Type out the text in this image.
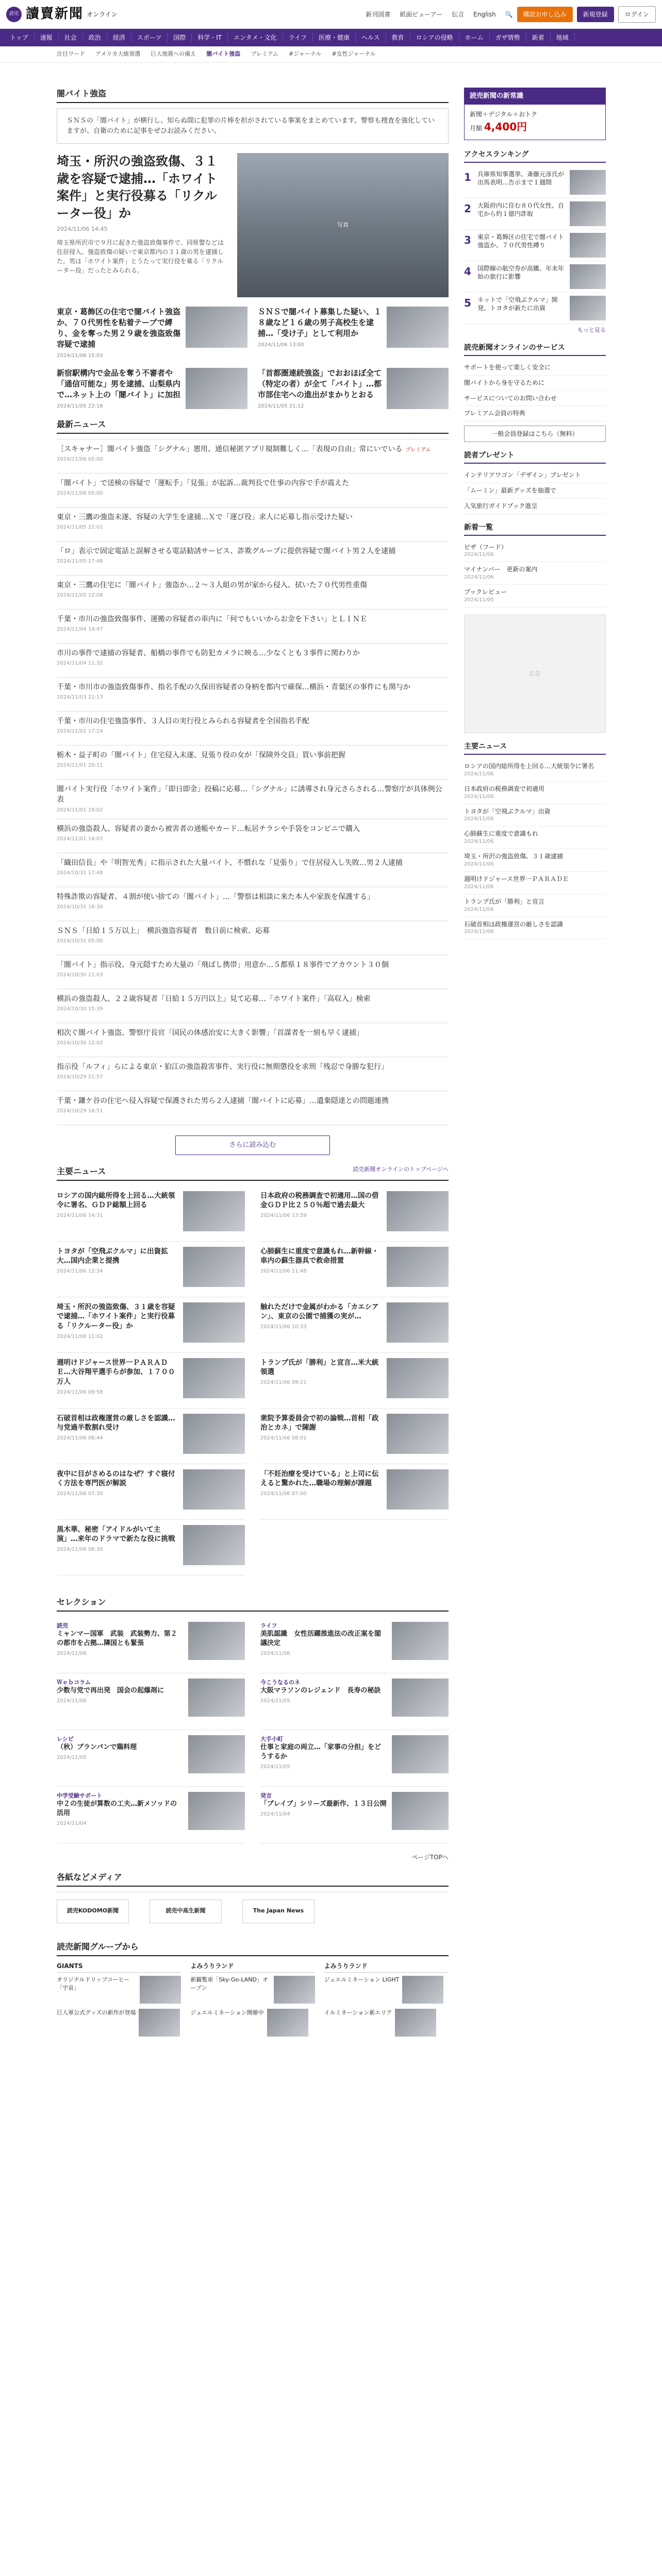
読売 讀賣新聞 オンライン	新刊図書 紙面ビューアー 伝言 English 🔍	購読お申し込み	新規登録	ログイン
トップ	速報	社会	政治	経済	スポーツ	国際	科学・IT	エンタメ・文化	ライフ	医療・健康	ヘルス	教育	ロシアの侵略	ホーム	ガザ情勢	新着	地域
注目ワード アメリカ大統領選 巨大地震への備え 闇バイト強盗 プレミアム #ジャーナル #女性ジャーナル
闇バイト強盗
ＳＮＳの「闇バイト」が横行し、知らぬ間に犯罪の片棒を担がされている事案をまとめています。警察も捜査を強化していますが、自衛のために記事をぜひお読みください。
埼玉・所沢の強盗致傷、３１歳を容疑で逮捕…「ホワイト案件」と実行役募る「リクルーター役」か
2024/11/06 14:45
埼玉県所沢市で９月に起きた強盗致傷事件で、同県警などは住居侵入、強盗致傷の疑いで東京都内の３１歳の男を逮捕した。男は「ホワイト案件」とうたって実行役を募る「リクルーター役」だったとみられる。
写真
東京・葛飾区の住宅で闇バイト強盗か、７０代男性を粘着テープで縛り、金を奪った男２９歳を強盗致傷容疑で逮捕
2024/11/06 15:03
ＳＮＳで闇バイト募集した疑い、１８歳など１６歳の男子高校生を逮捕…「受け子」として利用か
2024/11/06 13:00
新宿駅構内で金品を奪う不審者や「通信可能な」男を逮捕、山梨県内で…ネット上の「闇バイト」に加担
2024/11/05 22:16
「首都圏連続強盗」でおおほぼ全て（特定の者）が全て「バイト」…都市部住宅への進出がまかりとおる
2024/11/05 21:12
最新ニュース
［スキャナー］闇バイト強盗「シグナル」悪用、通信秘匿アプリ規制難しく…「表現の自由」常にいでいる プレミアム
2024/11/06 05:00
「闇バイト」で送検の容疑で「運転手」「見張」が起訴…裁判長で仕事の内容で手が震えた
2024/11/06 05:00
東京・三鷹の強盗未遂、容疑の大学生を逮捕…Ｘで「運び役」求人に応募し指示受けた疑い
2024/11/05 22:01
「ロ」表示で固定電話と誤解させる電話勧誘サービス、詐欺グループに提供容疑で闇バイト男２人を逮捕
2024/11/05 17:48
東京・三鷹の住宅に「闇バイト」強盗か…２〜３人組の男が家から侵入、拭いた７０代男性重傷
2024/11/05 12:08
千葉・市川の強盗致傷事件、運搬の容疑者の車内に「何でもいいからお金を下さい」とＬＩＮＥ
2024/11/04 14:47
市川の事件で逮捕の容疑者、船橋の事件でも防犯カメラに映る…少なくとも３事件に関わりか
2024/11/04 11:32
千葉・市川市の強盗致傷事件、指名手配の久保田容疑者の身柄を都内で確保…横浜・青葉区の事件にも関与か
2024/11/03 21:13
千葉・市川の住宅強盗事件、３人目の実行役とみられる容疑者を全国指名手配
2024/11/02 17:24
栃木・益子町の「闇バイト」住宅侵入未遂、見張り役の女が「保険外交員」買い事前把握
2024/11/01 20:11
闇バイト実行役「ホワイト案件」「即日即金」投稿に応募…「シグナル」に誘導され身元さらされる…警察庁が具体例公表
2024/11/01 19:02
横浜の強盗殺人、容疑者の妻から被害者の通帳やカード…転居チラシや手袋をコンビニで購入
2024/11/01 14:07
「織田信長」や「明智光秀」に指示された大量バイト、不慣れな「見張り」で住居侵入し失敗…男２人逮捕
2024/10/31 17:48
特殊詐欺の容疑者、４割が使い捨ての「闇バイト」…「警察は相談に来た本人や家族を保護する」
2024/10/31 16:30
ＳＮＳ「日給１５万以上」　横浜強盗容疑者　数日前に検索、応募
2024/10/31 05:00
「闇バイト」指示役、身元隠すため大量の「飛ばし携帯」用意か…５都県１８事件でアカウント３０個
2024/10/30 21:03
横浜の強盗殺人、２２歳容疑者「日給１５万円以上」見て応募…「ホワイト案件」「高収入」検索
2024/10/30 15:39
相次ぐ闇バイト強盗、警察庁長官「国民の体感治安に大きく影響」「首謀者を一刻も早く逮捕」
2024/10/30 12:02
指示役「ルフィ」らによる東京・狛江の強盗殺害事件、実行役に無期懲役を求刑「残忍で身勝な犯行」
2024/10/29 21:57
千葉・鎌ケ谷の住宅へ侵入容疑で保護された男ら２人逮捕「闇バイトに応募」…遺棄隠達との問題連携
2024/10/29 18:51
さらに読み込む
主要ニュース	読売新聞オンラインのトップページへ
ロシアの国内総所得を上回る…大統領令に署名、ＧＤＰ総額上回る
2024/11/06 14:31
日本政府の税務調査で初適用…国の借金ＧＤＰ比２５０％超で過去最大
2024/11/06 13:59
トヨタが「空飛ぶクルマ」に出資拡大…国内企業と提携
2024/11/06 12:34
心肺蘇生に重度で意識もれ…新幹線・車内の蘇生器具で救命措置
2024/11/06 11:48
埼玉・所沢の強盗致傷、３１歳を容疑で逮捕…「ホワイト案件」と実行役募る「リクルーター役」か
2024/11/06 11:02
触れただけで金属がわかる「カエシアン」、東京の公園で捕獲の実が…
2024/11/06 10:33
週明けドジャース世界一ＰＡＲＡＤＥ…大谷翔平選手らが参加、１７００万人
2024/11/06 09:58
トランプ氏が「勝利」と宣言…米大統領選
2024/11/06 09:21
石破首相は政権運営の厳しさを認識…与党過半数割れ受け
2024/11/06 08:44
衆院予算委員会で初の論戦…首相「政治とカネ」で陳謝
2024/11/06 08:01
夜中に目がさめるのはなぜ？すぐ寝付く方法を専門医が解説
2024/11/06 07:30
「不妊治療を受けている」と上司に伝えると驚かれた…職場の理解が課題
2024/11/06 07:00
黒木華、秘密「アイドルがいて主演」…来年のドラマで新たな役に挑戦
2024/11/06 06:30
セレクション
読売
ミャンマー国軍　武装　武装勢力、第２の都市を占拠…隣国とも緊張
2024/11/06
ライフ
美肌認識　女性活躍推進法の改正案を閣議決定
2024/11/06
Ｗｅｂコラム
少数与党で再出発　国会の起爆剤に
2024/11/06
今こうなるのネ
大阪マラソンのレジェンド　長寿の秘訣
2024/11/05
レシピ
（秋）ブランパンで鶏料理
2024/11/05
大手小町
仕事と家庭の両立…「家事の分担」をどうするか
2024/11/05
中学受験サポート
中２の生徒が算数の工夫…新メソッドの活用
2024/11/04
発言
「ブレイブ」シリーズ最新作、１３日公開
2024/11/04
ページTOPへ
各紙などメディア
読売KODOMO新聞	読売中高生新聞	The Japan News
読売新聞グループから
GIANTS
オリジナルドリップコーヒー「宇宙」
巨人軍公式グッズの新作が登場
よみうりランド
新観覧車「Sky-Go-LAND」オープン
ジュエルミネーション開催中
よみうりランド
ジュエルミネーション LIGHT
イルミネーション新エリア
読売新聞の新常識
新聞＋デジタル＋おトク
月額 4,400円
アクセスランキング
1	兵庫県知事選挙、斎藤元彦氏が出馬表明…告示まで１週間
2	大阪府内に住む８０代女性、自宅から約１億円詐取
3	東京・葛飾区の住宅で闇バイト強盗か、７０代男性縛り
4	国際線の航空券が高騰、年末年始の旅行に影響
5	ネットで「空飛ぶクルマ」開発、トヨタが新たに出資
もっと見る
読売新聞オンラインのサービス
サポートを使って楽しく安全に
闇バイトから身を守るために
サービスについてのお問い合わせ
プレミアム会員の特典
一般会員登録はこちら（無料）
読者プレゼント
インテリアワゴン「デザイン」プレゼント
「ムーミン」最新グッズを抽選で
人気旅行ガイドブック進呈
新着一覧
ピザ（フード）
2024/11/06
マイナンバー　更新の案内
2024/11/06
ブックレビュー
2024/11/05
広告
主要ニュース
ロシアの国内総所得を上回る…大統領令に署名
2024/11/06
日本政府の税務調査で初適用
2024/11/06
トヨタが「空飛ぶクルマ」出資
2024/11/06
心肺蘇生に重度で意識もれ
2024/11/06
埼玉・所沢の強盗致傷、３１歳逮捕
2024/11/06
週明けドジャース世界一ＰＡＲＡＤＥ
2024/11/06
トランプ氏が「勝利」と宣言
2024/11/06
石破首相は政権運営の厳しさを認識
2024/11/06
